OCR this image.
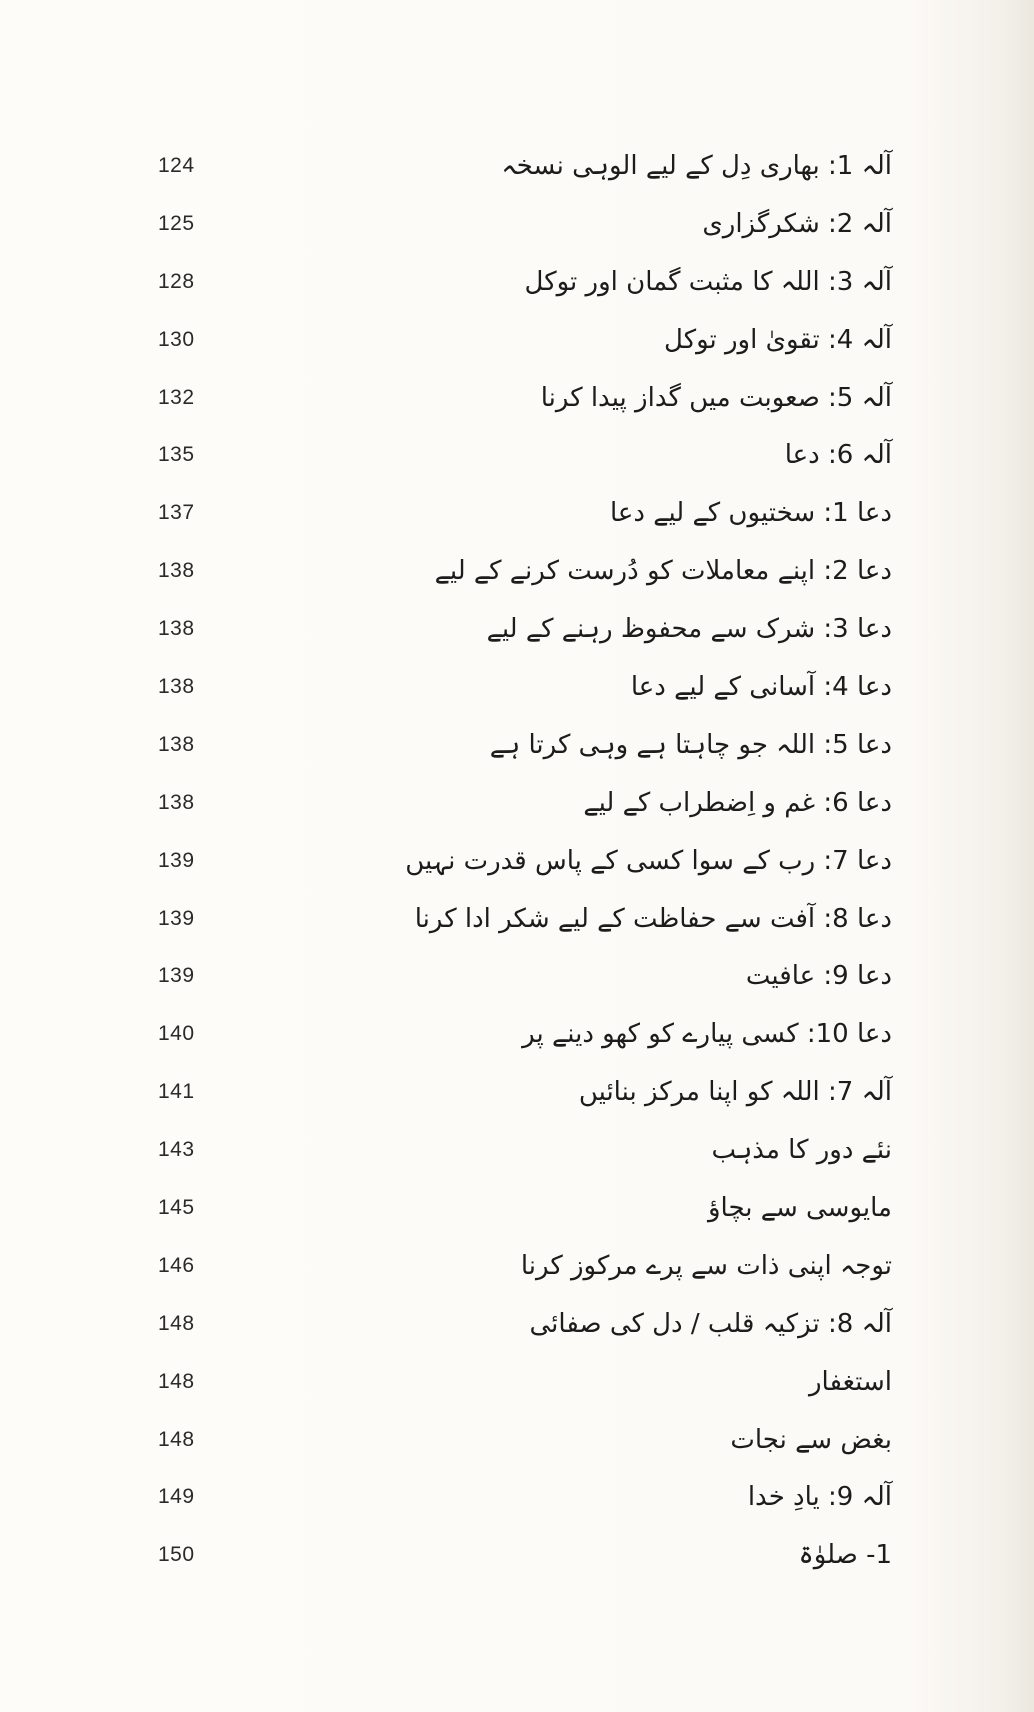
124	آلہ 1: بھاری دِل کے لیے الوہی نسخہ
125	آلہ 2: شکرگزاری
128	آلہ 3: اللہ کا مثبت گمان اور توکل
130	آلہ 4: تقویٰ اور توکل
132	آلہ 5: صعوبت میں گداز پیدا کرنا
135	آلہ 6: دعا
137	دعا 1: سختیوں کے لیے دعا
138	دعا 2: اپنے معاملات کو دُرست کرنے کے لیے
138	دعا 3: شرک سے محفوظ رہنے کے لیے
138	دعا 4: آسانی کے لیے دعا
138	دعا 5: اللہ جو چاہتا ہے وہی کرتا ہے
138	دعا 6: غم و اِضطراب کے لیے
139	دعا 7: رب کے سوا کسی کے پاس قدرت نہیں
139	دعا 8: آفت سے حفاظت کے لیے شکر ادا کرنا
139	دعا 9: عافیت
140	دعا 10: کسی پیارے کو کھو دینے پر
141	آلہ 7: اللہ کو اپنا مرکز بنائیں
143	نئے دور کا مذہب
145	مایوسی سے بچاؤ
146	توجہ اپنی ذات سے پرے مرکوز کرنا
148	آلہ 8: تزکیہ قلب / دل کی صفائی
148	استغفار
148	بغض سے نجات
149	آلہ 9: یادِ خدا
150	1- صلوٰۃ
